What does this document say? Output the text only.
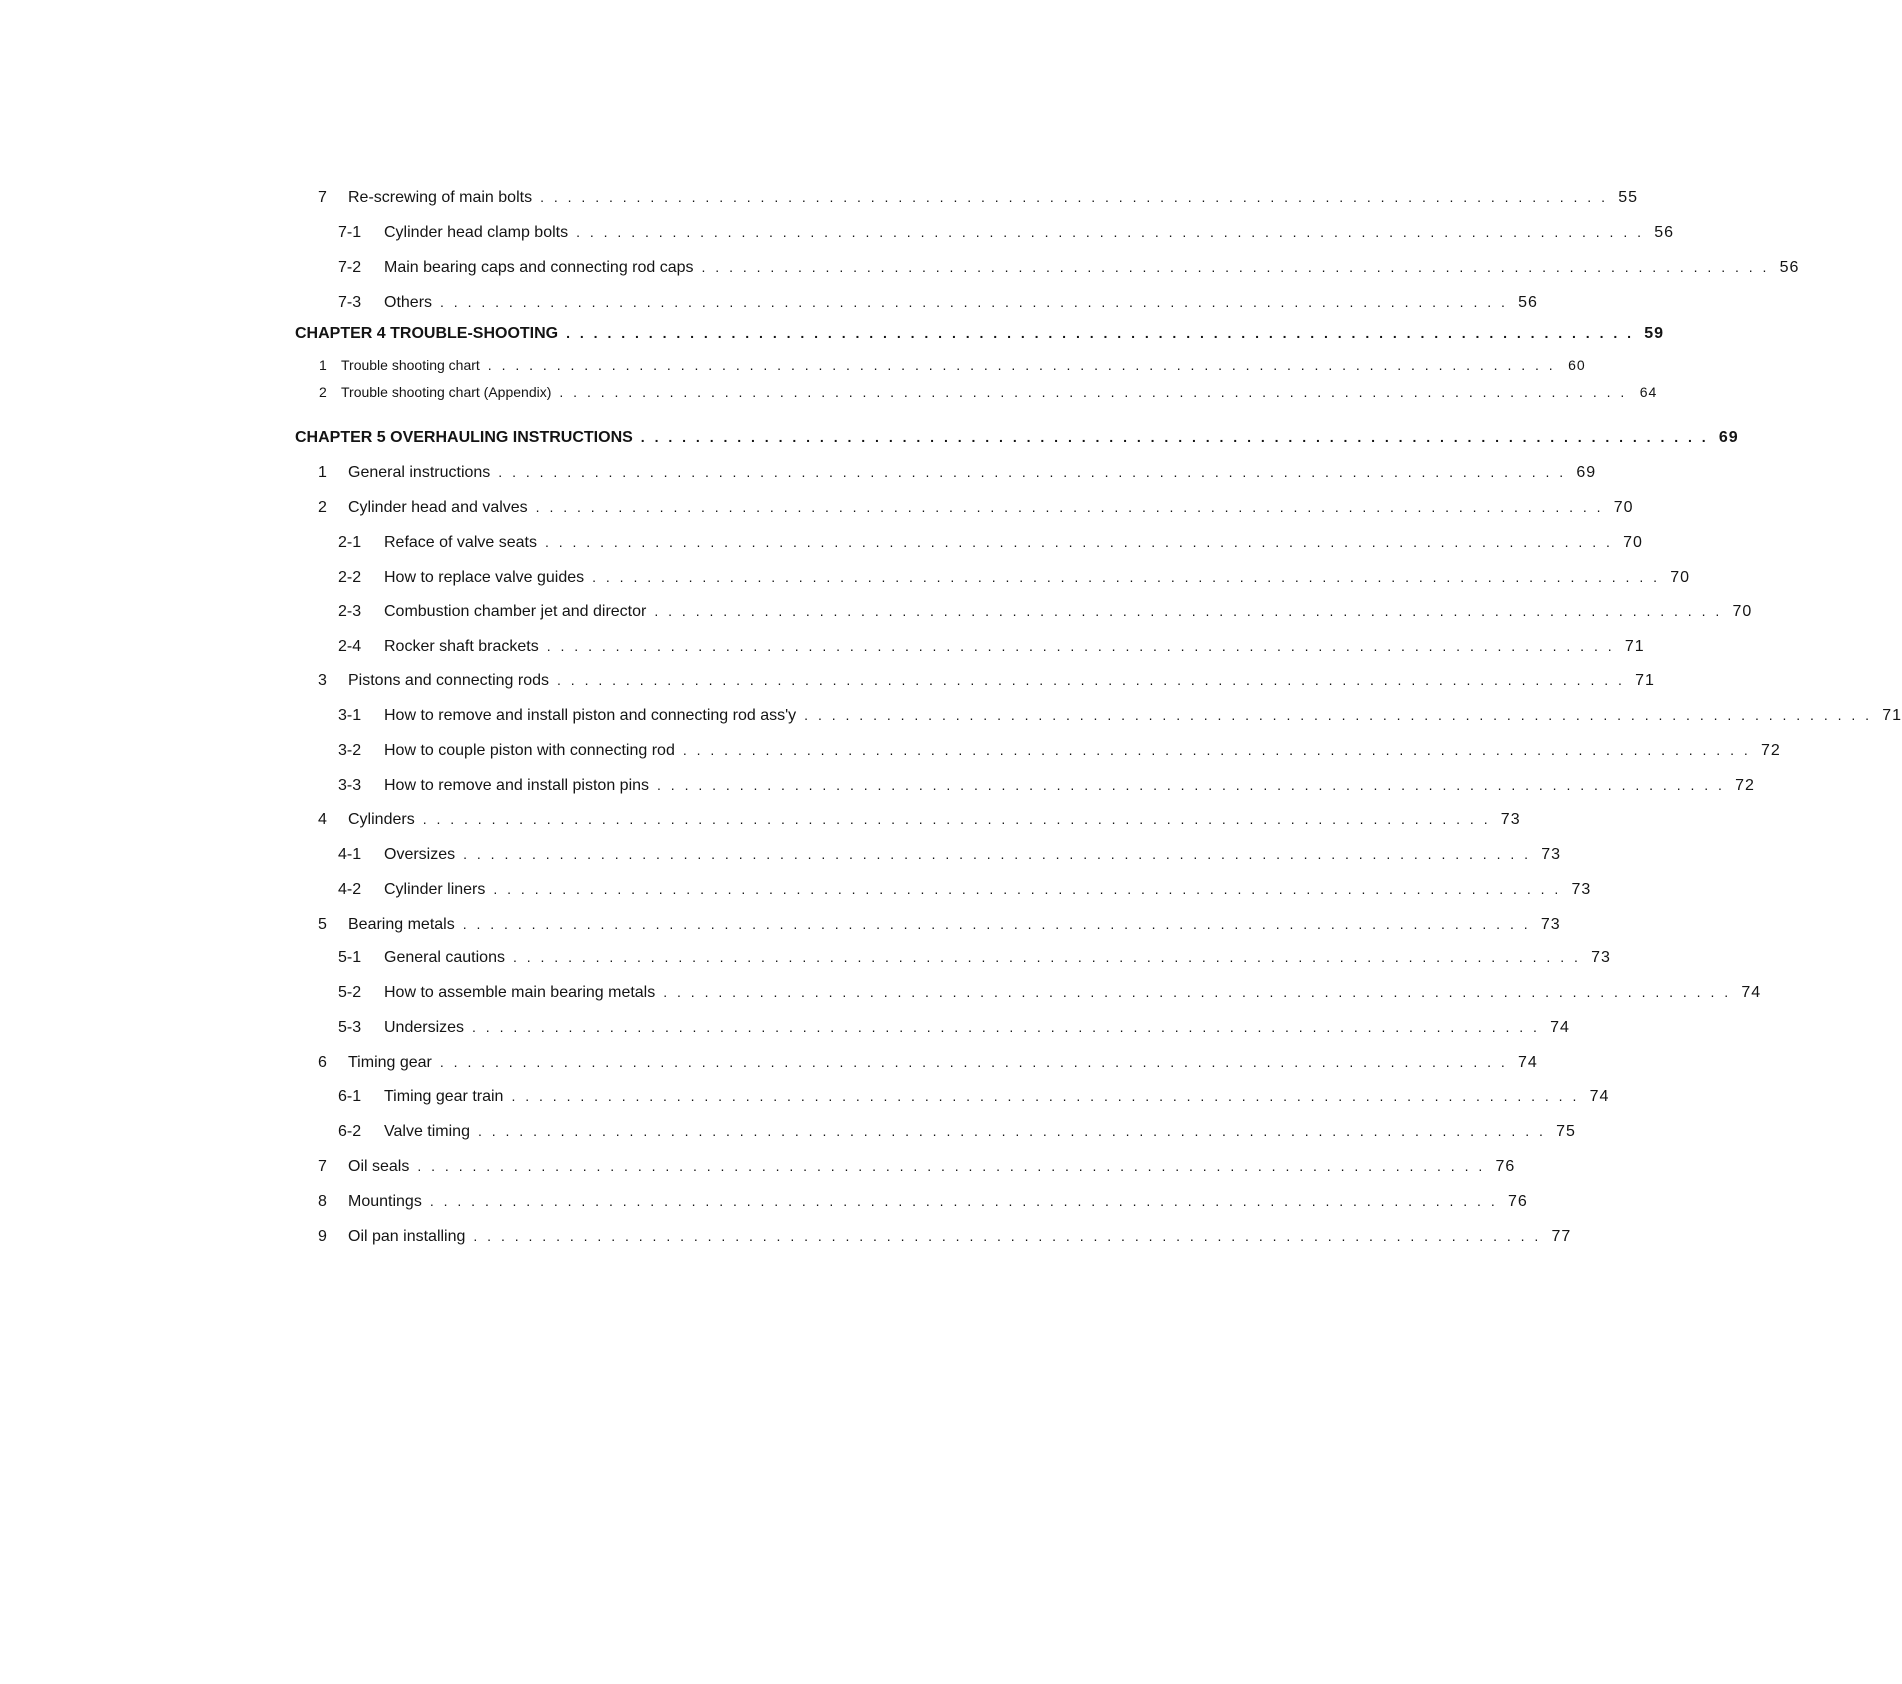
7	Re-screwing of main bolts . . . . . . . . . . . . . . . . . . . . . . . . . . . . . . . . . . . . . . . . . . . . . . . . . . . . . . . . . . . . . . . . . . . . . . . . . . . . . . 55
7-1	Cylinder head clamp bolts . . . . . . . . . . . . . . . . . . . . . . . . . . . . . . . . . . . . . . . . . . . . . . . . . . . . . . . . . . . . . . . . . . . . . . . . . . . . . . 56
7-2	Main bearing caps and connecting rod caps . . . . . . . . . . . . . . . . . . . . . . . . . . . . . . . . . . . . . . . . . . . . . . . . . . . . . . . . . . . . . . . . . . . . . . . . . . . . . . 56
7-3	Others . . . . . . . . . . . . . . . . . . . . . . . . . . . . . . . . . . . . . . . . . . . . . . . . . . . . . . . . . . . . . . . . . . . . . . . . . . . . . . 56
CHAPTER 4 TROUBLE-SHOOTING . . . . . . . . . . . . . . . . . . . . . . . . . . . . . . . . . . . . . . . . . . . . . . . . . . . . . . . . . . . . . . . . . . . . . . . . . . . . . . 59
1	Trouble shooting chart . . . . . . . . . . . . . . . . . . . . . . . . . . . . . . . . . . . . . . . . . . . . . . . . . . . . . . . . . . . . . . . . . . . . . . . . . . . . . . 60
2	Trouble shooting chart (Appendix) . . . . . . . . . . . . . . . . . . . . . . . . . . . . . . . . . . . . . . . . . . . . . . . . . . . . . . . . . . . . . . . . . . . . . . . . . . . . . . 64
CHAPTER 5 OVERHAULING INSTRUCTIONS . . . . . . . . . . . . . . . . . . . . . . . . . . . . . . . . . . . . . . . . . . . . . . . . . . . . . . . . . . . . . . . . . . . . . . . . . . . . . . 69
1	General instructions . . . . . . . . . . . . . . . . . . . . . . . . . . . . . . . . . . . . . . . . . . . . . . . . . . . . . . . . . . . . . . . . . . . . . . . . . . . . . . 69
2	Cylinder head and valves . . . . . . . . . . . . . . . . . . . . . . . . . . . . . . . . . . . . . . . . . . . . . . . . . . . . . . . . . . . . . . . . . . . . . . . . . . . . . . 70
2-1	Reface of valve seats . . . . . . . . . . . . . . . . . . . . . . . . . . . . . . . . . . . . . . . . . . . . . . . . . . . . . . . . . . . . . . . . . . . . . . . . . . . . . . 70
2-2	How to replace valve guides . . . . . . . . . . . . . . . . . . . . . . . . . . . . . . . . . . . . . . . . . . . . . . . . . . . . . . . . . . . . . . . . . . . . . . . . . . . . . . 70
2-3	Combustion chamber jet and director . . . . . . . . . . . . . . . . . . . . . . . . . . . . . . . . . . . . . . . . . . . . . . . . . . . . . . . . . . . . . . . . . . . . . . . . . . . . . . 70
2-4	Rocker shaft brackets . . . . . . . . . . . . . . . . . . . . . . . . . . . . . . . . . . . . . . . . . . . . . . . . . . . . . . . . . . . . . . . . . . . . . . . . . . . . . . 71
3	Pistons and connecting rods . . . . . . . . . . . . . . . . . . . . . . . . . . . . . . . . . . . . . . . . . . . . . . . . . . . . . . . . . . . . . . . . . . . . . . . . . . . . . . 71
3-1	How to remove and install piston and connecting rod ass'y . . . . . . . . . . . . . . . . . . . . . . . . . . . . . . . . . . . . . . . . . . . . . . . . . . . . . . . . . . . . . . . . . . . . . . . . . . . . . . 71
3-2	How to couple piston with connecting rod . . . . . . . . . . . . . . . . . . . . . . . . . . . . . . . . . . . . . . . . . . . . . . . . . . . . . . . . . . . . . . . . . . . . . . . . . . . . . . 72
3-3	How to remove and install piston pins . . . . . . . . . . . . . . . . . . . . . . . . . . . . . . . . . . . . . . . . . . . . . . . . . . . . . . . . . . . . . . . . . . . . . . . . . . . . . . 72
4	Cylinders . . . . . . . . . . . . . . . . . . . . . . . . . . . . . . . . . . . . . . . . . . . . . . . . . . . . . . . . . . . . . . . . . . . . . . . . . . . . . . 73
4-1	Oversizes . . . . . . . . . . . . . . . . . . . . . . . . . . . . . . . . . . . . . . . . . . . . . . . . . . . . . . . . . . . . . . . . . . . . . . . . . . . . . . 73
4-2	Cylinder liners . . . . . . . . . . . . . . . . . . . . . . . . . . . . . . . . . . . . . . . . . . . . . . . . . . . . . . . . . . . . . . . . . . . . . . . . . . . . . . 73
5	Bearing metals . . . . . . . . . . . . . . . . . . . . . . . . . . . . . . . . . . . . . . . . . . . . . . . . . . . . . . . . . . . . . . . . . . . . . . . . . . . . . . 73
5-1	General cautions . . . . . . . . . . . . . . . . . . . . . . . . . . . . . . . . . . . . . . . . . . . . . . . . . . . . . . . . . . . . . . . . . . . . . . . . . . . . . . 73
5-2	How to assemble main bearing metals . . . . . . . . . . . . . . . . . . . . . . . . . . . . . . . . . . . . . . . . . . . . . . . . . . . . . . . . . . . . . . . . . . . . . . . . . . . . . . 74
5-3	Undersizes . . . . . . . . . . . . . . . . . . . . . . . . . . . . . . . . . . . . . . . . . . . . . . . . . . . . . . . . . . . . . . . . . . . . . . . . . . . . . . 74
6	Timing gear . . . . . . . . . . . . . . . . . . . . . . . . . . . . . . . . . . . . . . . . . . . . . . . . . . . . . . . . . . . . . . . . . . . . . . . . . . . . . . 74
6-1	Timing gear train . . . . . . . . . . . . . . . . . . . . . . . . . . . . . . . . . . . . . . . . . . . . . . . . . . . . . . . . . . . . . . . . . . . . . . . . . . . . . . 74
6-2	Valve timing . . . . . . . . . . . . . . . . . . . . . . . . . . . . . . . . . . . . . . . . . . . . . . . . . . . . . . . . . . . . . . . . . . . . . . . . . . . . . . 75
7	Oil seals . . . . . . . . . . . . . . . . . . . . . . . . . . . . . . . . . . . . . . . . . . . . . . . . . . . . . . . . . . . . . . . . . . . . . . . . . . . . . . 76
8	Mountings . . . . . . . . . . . . . . . . . . . . . . . . . . . . . . . . . . . . . . . . . . . . . . . . . . . . . . . . . . . . . . . . . . . . . . . . . . . . . . 76
9	Oil pan installing . . . . . . . . . . . . . . . . . . . . . . . . . . . . . . . . . . . . . . . . . . . . . . . . . . . . . . . . . . . . . . . . . . . . . . . . . . . . . . 77
